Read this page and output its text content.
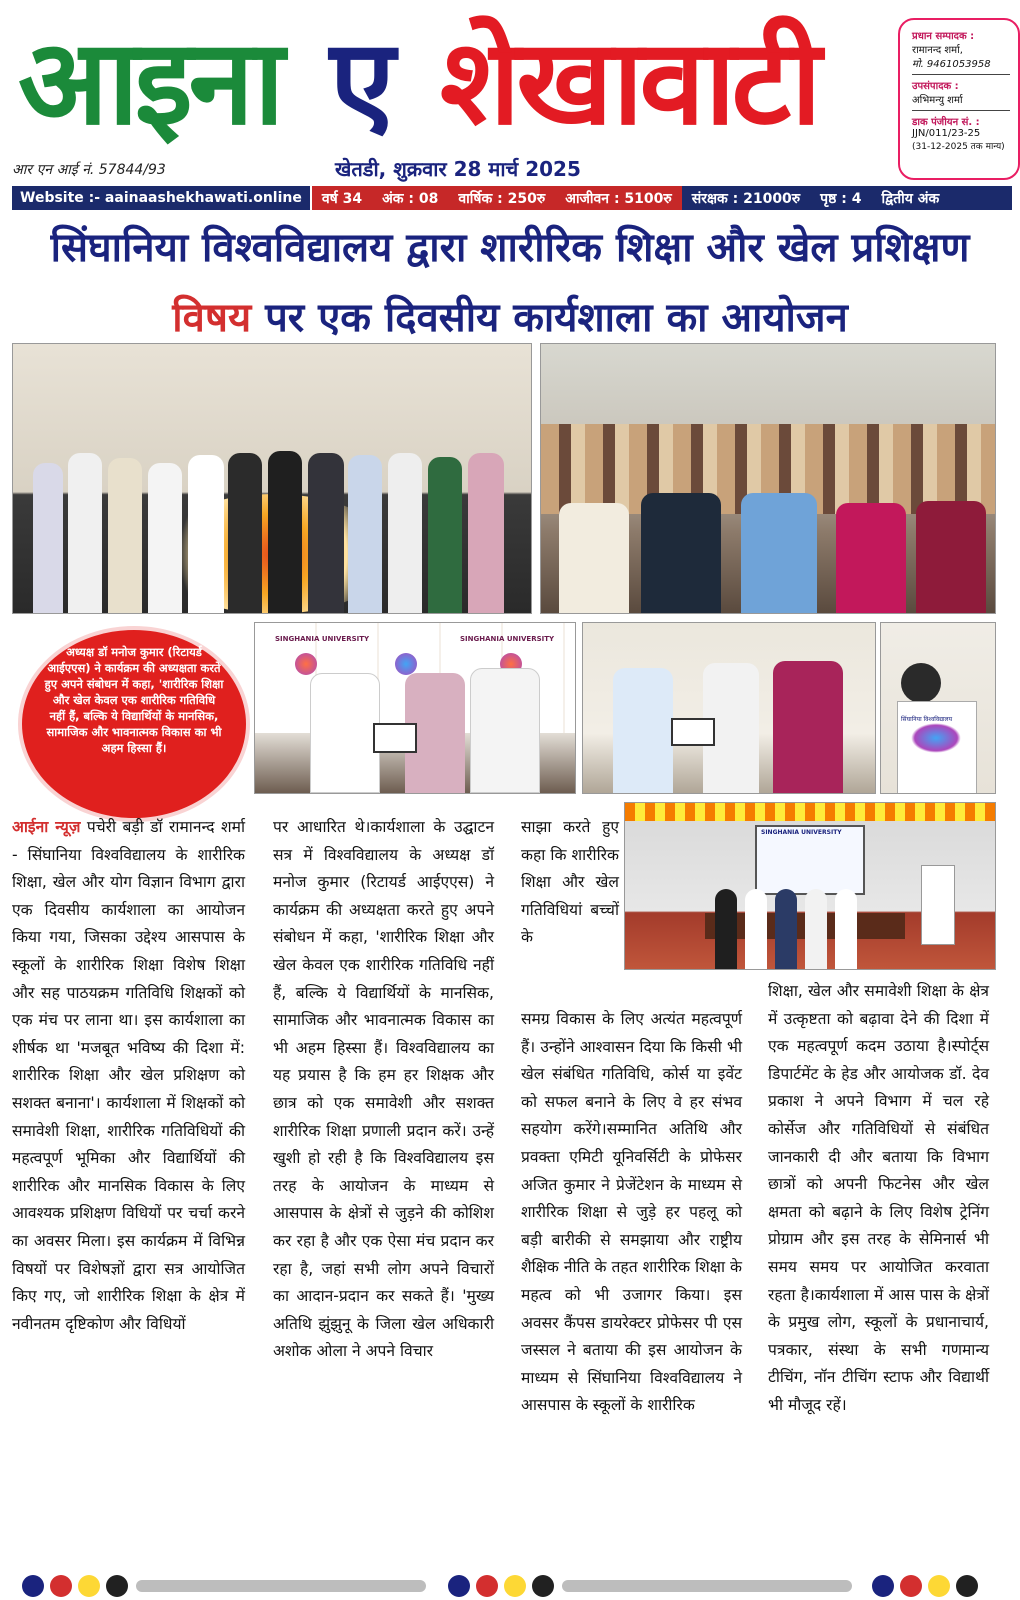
आइना ए शेखावाटी
आर एन आई नं. 57844/93	खेतडी, शुक्रवार 28 मार्च 2025
प्रधान सम्पादक :
रामानन्द शर्मा,
मो. 9461053958
उपसंपादक :
अभिमन्यु शर्मा
डाक पंजीयन सं. :
JJN/011/23-25
(31-12-2025 तक मान्य)
Website :- aainaashekhawati.online	वर्ष 34	अंक : 08	वार्षिक : 250रु	आजीवन : 5100रु	संरक्षक : 21000रु	पृष्ठ : 4	द्वितीय अंक
सिंघानिया विश्वविद्यालय द्वारा शारीरिक शिक्षा और खेल प्रशिक्षण
विषय पर एक दिवसीय कार्यशाला का आयोजन
अध्यक्ष डॉ मनोज कुमार (रिटायर्ड आईएएस) ने कार्यक्रम की अध्यक्षता करते हुए अपने संबोधन में कहा, 'शारीरिक शिक्षा और खेल केवल एक शारीरिक गतिविधि नहीं हैं, बल्कि ये विद्यार्थियों के मानसिक, सामाजिक और भावनात्मक विकास का भी अहम हिस्सा हैं।
SINGHANIA UNIVERSITY	SINGHANIA UNIVERSITY
सिंघानिया विश्वविद्यालय
SINGHANIA UNIVERSITY

आईना न्यूज़ पचेरी बड़ी डॉ रामानन्द शर्मा - सिंघानिया विश्वविद्यालय के शारीरिक शिक्षा, खेल और योग विज्ञान विभाग द्वारा एक दिवसीय कार्यशाला का आयोजन किया गया, जिसका उद्देश्य आसपास के स्कूलों के शारीरिक शिक्षा विशेष शिक्षा और सह पाठयक्रम गतिविधि शिक्षकों को एक मंच पर लाना था। इस कार्यशाला का शीर्षक था 'मजबूत भविष्य की दिशा में: शारीरिक शिक्षा और खेल प्रशिक्षण को सशक्त बनाना'। कार्यशाला में शिक्षकों को समावेशी शिक्षा, शारीरिक गतिविधियों की महत्वपूर्ण भूमिका और विद्यार्थियों की शारीरिक और मानसिक विकास के लिए आवश्यक प्रशिक्षण विधियों पर चर्चा करने का अवसर मिला। इस कार्यक्रम में विभिन्न विषयों पर विशेषज्ञों द्वारा सत्र आयोजित किए गए, जो शारीरिक शिक्षा के क्षेत्र में नवीनतम दृष्टिकोण और विधियों

पर आधारित थे।कार्यशाला के उद्घाटन सत्र में विश्वविद्यालय के अध्यक्ष डॉ मनोज कुमार (रिटायर्ड आईएएस) ने कार्यक्रम की अध्यक्षता करते हुए अपने संबोधन में कहा, 'शारीरिक शिक्षा और खेल केवल एक शारीरिक गतिविधि नहीं हैं, बल्कि ये विद्यार्थियों के मानसिक, सामाजिक और भावनात्मक विकास का भी अहम हिस्सा हैं। विश्वविद्यालय का यह प्रयास है कि हम हर शिक्षक और छात्र को एक समावेशी और सशक्त शारीरिक शिक्षा प्रणाली प्रदान करें। उन्हें खुशी हो रही है कि विश्वविद्यालय इस तरह के आयोजन के माध्यम से आसपास के क्षेत्रों से जुड़ने की कोशिश कर रहा है और एक ऐसा मंच प्रदान कर रहा है, जहां सभी लोग अपने विचारों का आदान-प्रदान कर सकते हैं। 'मुख्य अतिथि झुंझुनू के जिला खेल अधिकारी अशोक ओला ने अपने विचार

साझा करते हुए कहा कि शारीरिक शिक्षा और खेल गतिविधियां बच्चों के

समग्र विकास के लिए अत्यंत महत्वपूर्ण हैं। उन्होंने आश्वासन दिया कि किसी भी खेल संबंधित गतिविधि, कोर्स या इवेंट को सफल बनाने के लिए वे हर संभव सहयोग करेंगे।सम्मानित अतिथि और प्रवक्ता एमिटी यूनिवर्सिटी के प्रोफेसर अजित कुमार ने प्रेजेंटेशन के माध्यम से शारीरिक शिक्षा से जुड़े हर पहलू को बड़ी बारीकी से समझाया और राष्ट्रीय शैक्षिक नीति के तहत शारीरिक शिक्षा के महत्व को भी उजागर किया। इस अवसर कैंपस डायरेक्टर प्रोफेसर पी एस जस्सल ने बताया की इस आयोजन के माध्यम से सिंघानिया विश्वविद्यालय ने आसपास के स्कूलों के शारीरिक

शिक्षा, खेल और समावेशी शिक्षा के क्षेत्र में उत्कृष्टता को बढ़ावा देने की दिशा में एक महत्वपूर्ण कदम उठाया है।स्पोर्ट्स डिपार्टमेंट के हेड और आयोजक डॉ. देव प्रकाश ने अपने विभाग में चल रहे कोर्सेज और गतिविधियों से संबंधित जानकारी दी और बताया कि विभाग छात्रों को अपनी फिटनेस और खेल क्षमता को बढ़ाने के लिए विशेष ट्रेनिंग प्रोग्राम और इस तरह के सेमिनार्स भी समय समय पर आयोजित करवाता रहता है।कार्यशाला में आस पास के क्षेत्रों के प्रमुख लोग, स्कूलों के प्रधानाचार्य, पत्रकार, संस्था के सभी गणमान्य टीचिंग, नॉन टीचिंग स्टाफ और विद्यार्थी भी मौजूद रहें।
